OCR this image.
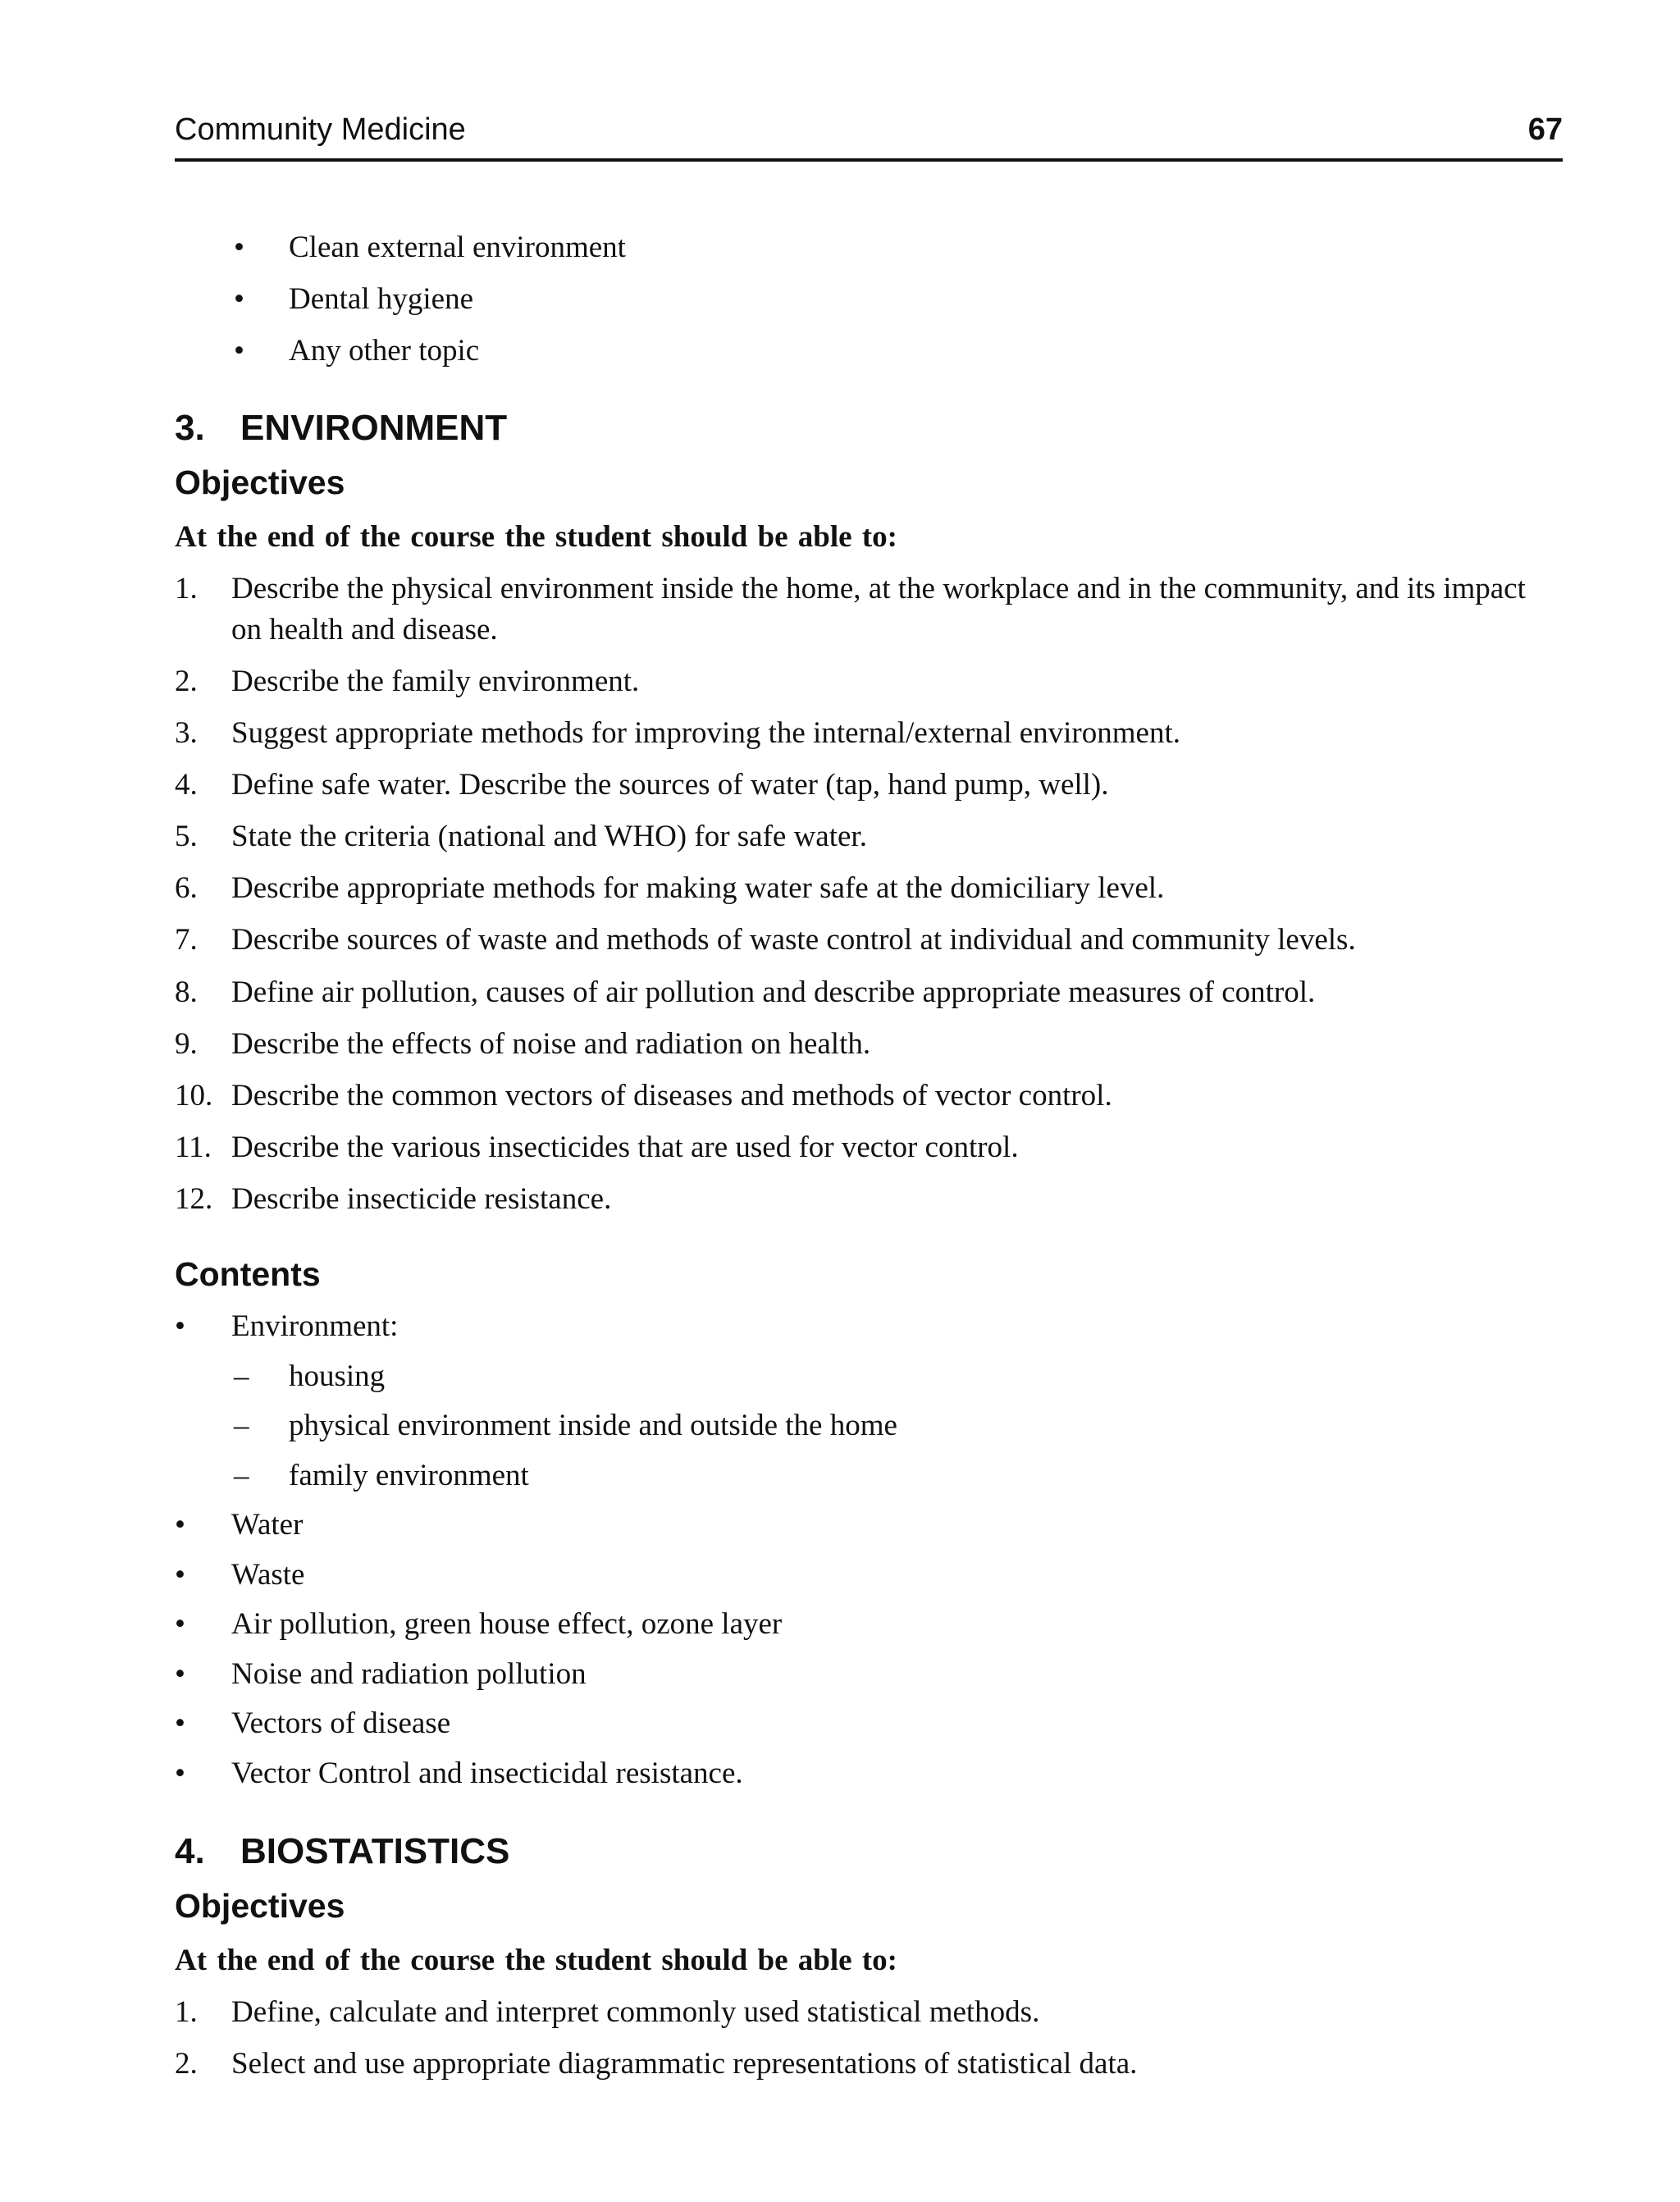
Community Medicine	67
• Clean external environment
• Dental hygiene
• Any other topic
3. ENVIRONMENT
Objectives
At the end of the course the student should be able to:
1. Describe the physical environment inside the home, at the workplace and in the community, and its impact on health and disease.
2. Describe the family environment.
3. Suggest appropriate methods for improving the internal/external environment.
4. Define safe water. Describe the sources of water (tap, hand pump, well).
5. State the criteria (national and WHO) for safe water.
6. Describe appropriate methods for making water safe at the domiciliary level.
7. Describe sources of waste and methods of waste control at individual and community levels.
8. Define air pollution, causes of air pollution and describe appropriate measures of control.
9. Describe the effects of noise and radiation on health.
10. Describe the common vectors of diseases and methods of vector control.
11. Describe the various insecticides that are used for vector control.
12. Describe insecticide resistance.
Contents
• Environment:
– housing
– physical environment inside and outside the home
– family environment
• Water
• Waste
• Air pollution, green house effect, ozone layer
• Noise and radiation pollution
• Vectors of disease
• Vector Control and insecticidal resistance.
4. BIOSTATISTICS
Objectives
At the end of the course the student should be able to:
1. Define, calculate and interpret commonly used statistical methods.
2. Select and use appropriate diagrammatic representations of statistical data.
